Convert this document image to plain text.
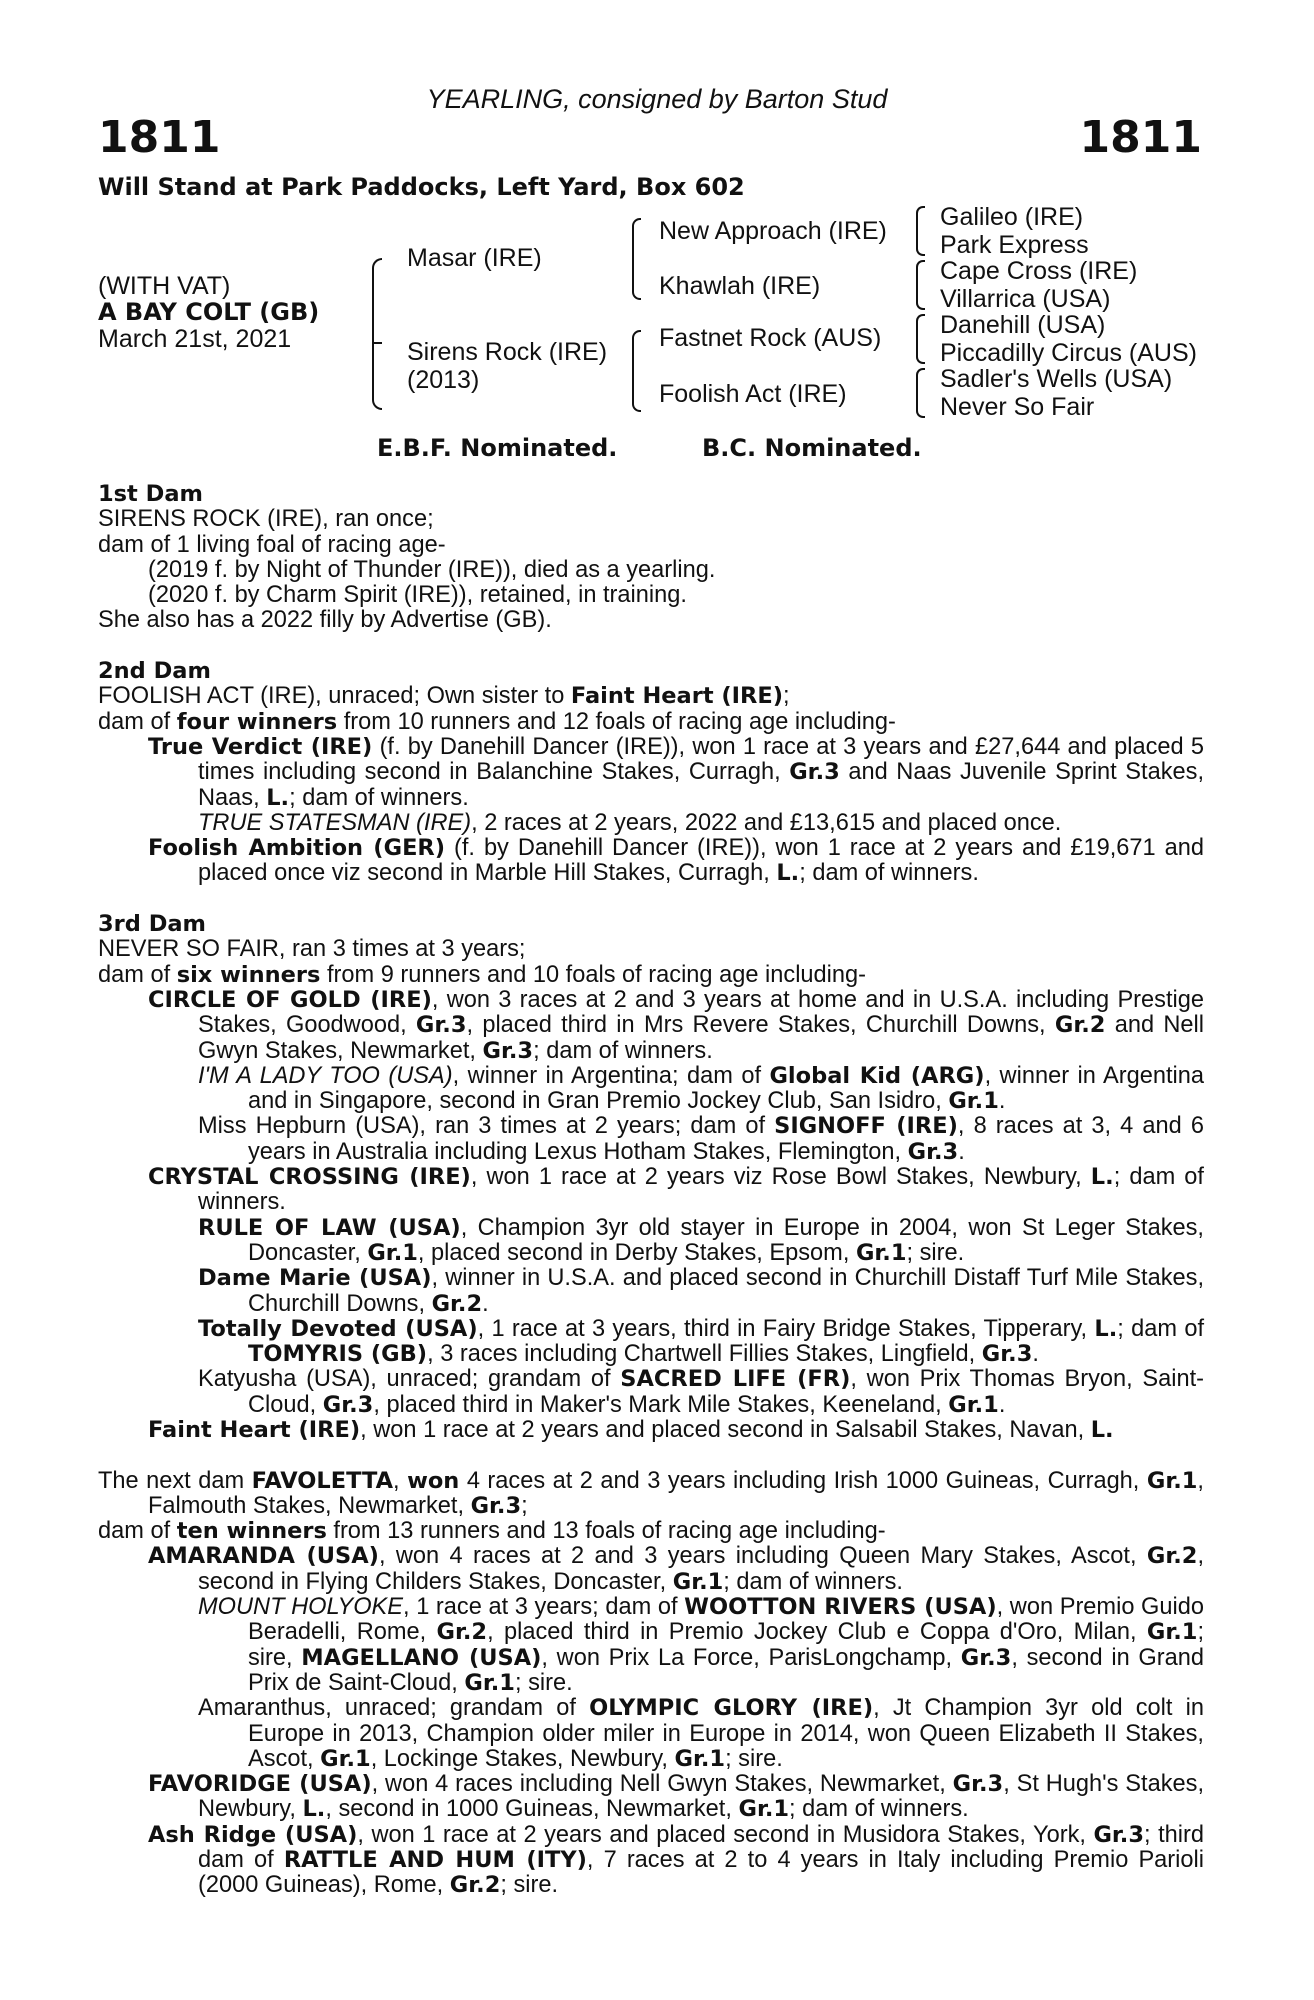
YEARLING, consigned by Barton Stud
1811	1811
Will Stand at Park Paddocks, Left Yard, Box 602
(WITH VAT)
A BAY COLT (GB)
March 21st, 2021
Masar (IRE)
Sirens Rock (IRE)
(2013)
New Approach (IRE)
Khawlah (IRE)
Fastnet Rock (AUS)
Foolish Act (IRE)
Galileo (IRE)
Park Express
Cape Cross (IRE)
Villarrica (USA)
Danehill (USA)
Piccadilly Circus (AUS)
Sadler's Wells (USA)
Never So Fair
E.B.F. Nominated.	B.C. Nominated.
1st Dam
SIRENS ROCK (IRE), ran once;
dam of 1 living foal of racing age-
(2019 f. by Night of Thunder (IRE)), died as a yearling.
(2020 f. by Charm Spirit (IRE)), retained, in training.
She also has a 2022 filly by Advertise (GB).
2nd Dam
FOOLISH ACT (IRE), unraced; Own sister to Faint Heart (IRE);
dam of four winners from 10 runners and 12 foals of racing age including-
True Verdict (IRE) (f. by Danehill Dancer (IRE)), won 1 race at 3 years and £27,644 and placed 5 times including second in Balanchine Stakes, Curragh, Gr.3 and Naas Juvenile Sprint Stakes, Naas, L.; dam of winners.
TRUE STATESMAN (IRE), 2 races at 2 years, 2022 and £13,615 and placed once.
Foolish Ambition (GER) (f. by Danehill Dancer (IRE)), won 1 race at 2 years and £19,671 and placed once viz second in Marble Hill Stakes, Curragh, L.; dam of winners.
3rd Dam
NEVER SO FAIR, ran 3 times at 3 years;
dam of six winners from 9 runners and 10 foals of racing age including-
CIRCLE OF GOLD (IRE), won 3 races at 2 and 3 years at home and in U.S.A. including Prestige Stakes, Goodwood, Gr.3, placed third in Mrs Revere Stakes, Churchill Downs, Gr.2 and Nell Gwyn Stakes, Newmarket, Gr.3; dam of winners.
I'M A LADY TOO (USA), winner in Argentina; dam of Global Kid (ARG), winner in Argentina and in Singapore, second in Gran Premio Jockey Club, San Isidro, Gr.1.
Miss Hepburn (USA), ran 3 times at 2 years; dam of SIGNOFF (IRE), 8 races at 3, 4 and 6 years in Australia including Lexus Hotham Stakes, Flemington, Gr.3.
CRYSTAL CROSSING (IRE), won 1 race at 2 years viz Rose Bowl Stakes, Newbury, L.; dam of winners.
RULE OF LAW (USA), Champion 3yr old stayer in Europe in 2004, won St Leger Stakes, Doncaster, Gr.1, placed second in Derby Stakes, Epsom, Gr.1; sire.
Dame Marie (USA), winner in U.S.A. and placed second in Churchill Distaff Turf Mile Stakes, Churchill Downs, Gr.2.
Totally Devoted (USA), 1 race at 3 years, third in Fairy Bridge Stakes, Tipperary, L.; dam of TOMYRIS (GB), 3 races including Chartwell Fillies Stakes, Lingfield, Gr.3.
Katyusha (USA), unraced; grandam of SACRED LIFE (FR), won Prix Thomas Bryon, Saint-Cloud, Gr.3, placed third in Maker's Mark Mile Stakes, Keeneland, Gr.1.
Faint Heart (IRE), won 1 race at 2 years and placed second in Salsabil Stakes, Navan, L.
The next dam FAVOLETTA, won 4 races at 2 and 3 years including Irish 1000 Guineas, Curragh, Gr.1, Falmouth Stakes, Newmarket, Gr.3;
dam of ten winners from 13 runners and 13 foals of racing age including-
AMARANDA (USA), won 4 races at 2 and 3 years including Queen Mary Stakes, Ascot, Gr.2, second in Flying Childers Stakes, Doncaster, Gr.1; dam of winners.
MOUNT HOLYOKE, 1 race at 3 years; dam of WOOTTON RIVERS (USA), won Premio Guido Beradelli, Rome, Gr.2, placed third in Premio Jockey Club e Coppa d'Oro, Milan, Gr.1; sire, MAGELLANO (USA), won Prix La Force, ParisLongchamp, Gr.3, second in Grand Prix de Saint-Cloud, Gr.1; sire.
Amaranthus, unraced; grandam of OLYMPIC GLORY (IRE), Jt Champion 3yr old colt in Europe in 2013, Champion older miler in Europe in 2014, won Queen Elizabeth II Stakes, Ascot, Gr.1, Lockinge Stakes, Newbury, Gr.1; sire.
FAVORIDGE (USA), won 4 races including Nell Gwyn Stakes, Newmarket, Gr.3, St Hugh's Stakes, Newbury, L., second in 1000 Guineas, Newmarket, Gr.1; dam of winners.
Ash Ridge (USA), won 1 race at 2 years and placed second in Musidora Stakes, York, Gr.3; third dam of RATTLE AND HUM (ITY), 7 races at 2 to 4 years in Italy including Premio Parioli (2000 Guineas), Rome, Gr.2; sire.
